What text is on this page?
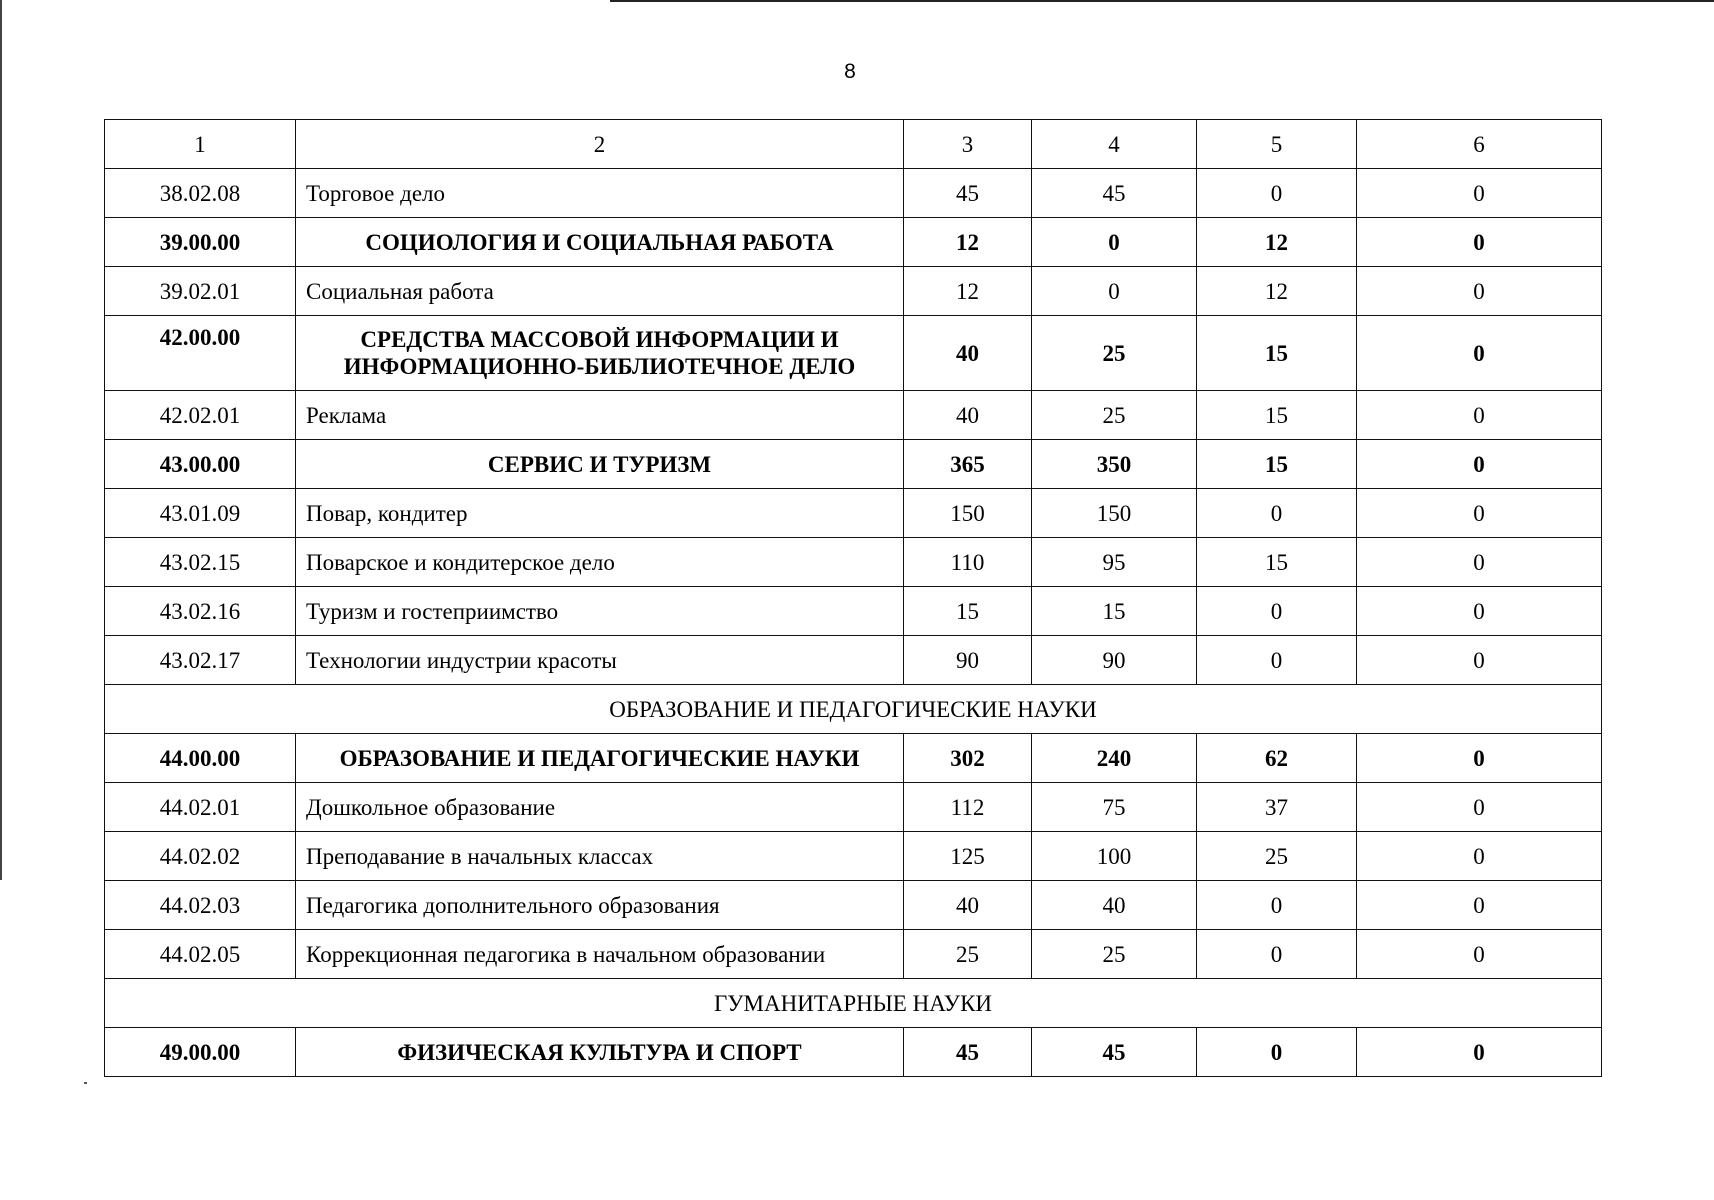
8
1	2	3	4	5	6
38.02.08	Торговое дело	45	45	0	0
39.00.00	СОЦИОЛОГИЯ И СОЦИАЛЬНАЯ РАБОТА	12	0	12	0
39.02.01	Социальная работа	12	0	12	0
42.00.00	СРЕДСТВА МАССОВОЙ ИНФОРМАЦИИ И
ИНФОРМАЦИОННО-БИБЛИОТЕЧНОЕ ДЕЛО	40	25	15	0
42.02.01	Реклама	40	25	15	0
43.00.00	СЕРВИС И ТУРИЗМ	365	350	15	0
43.01.09	Повар, кондитер	150	150	0	0
43.02.15	Поварское и кондитерское дело	110	95	15	0
43.02.16	Туризм и гостеприимство	15	15	0	0
43.02.17	Технологии индустрии красоты	90	90	0	0
ОБРАЗОВАНИЕ И ПЕДАГОГИЧЕСКИЕ НАУКИ					
44.00.00	ОБРАЗОВАНИЕ И ПЕДАГОГИЧЕСКИЕ НАУКИ	302	240	62	0
44.02.01	Дошкольное образование	112	75	37	0
44.02.02	Преподавание в начальных классах	125	100	25	0
44.02.03	Педагогика дополнительного образования	40	40	0	0
44.02.05	Коррекционная педагогика в начальном образовании	25	25	0	0
ГУМАНИТАРНЫЕ НАУКИ					
49.00.00	ФИЗИЧЕСКАЯ КУЛЬТУРА И СПОРТ	45	45	0	0
